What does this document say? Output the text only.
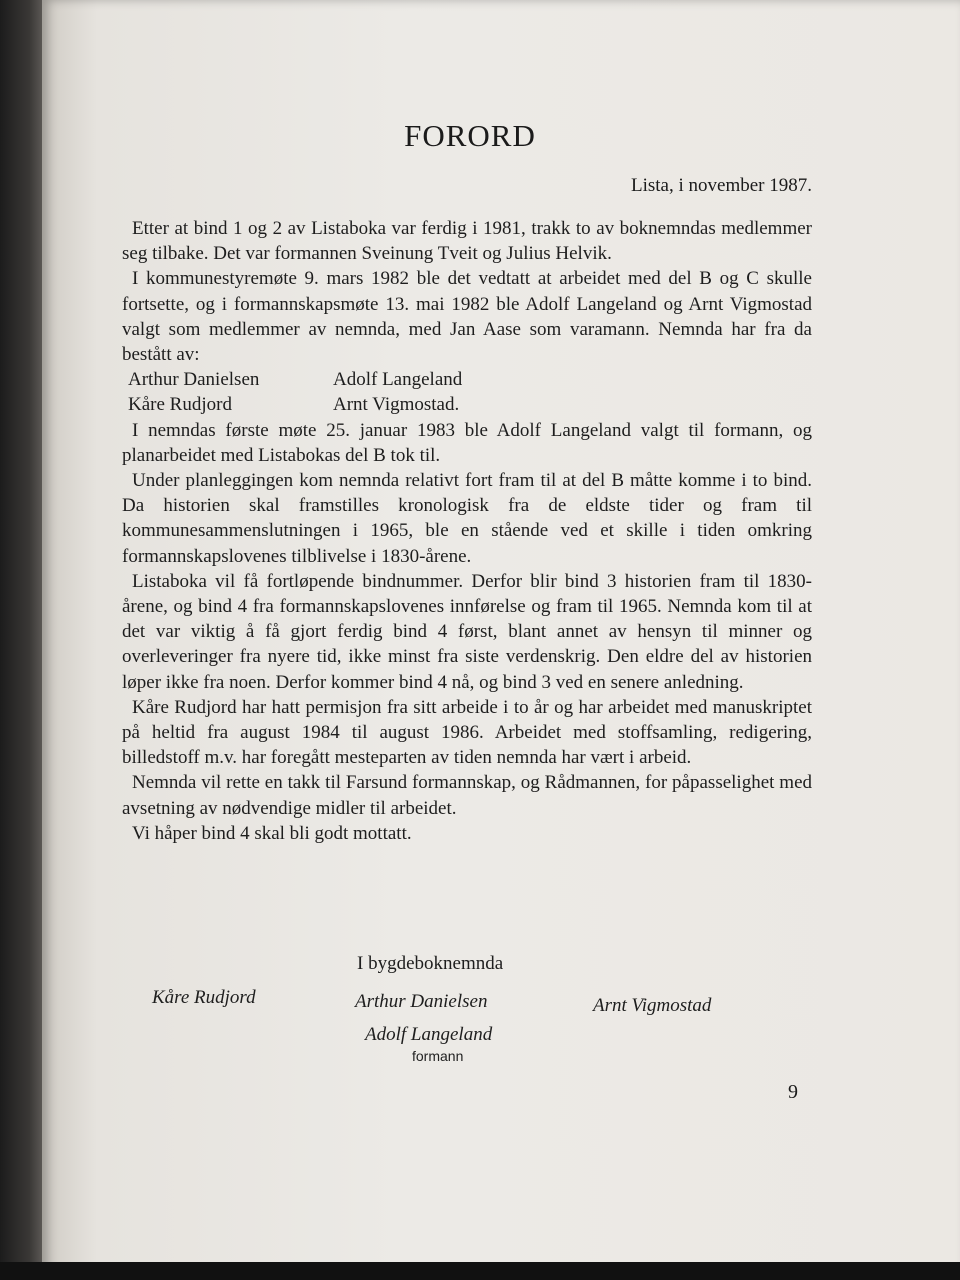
FORORD
Lista, i november 1987.

Etter at bind 1 og 2 av Listaboka var ferdig i 1981, trakk to av boknemndas medlemmer seg tilbake. Det var formannen Sveinung Tveit og Julius Helvik.

I kommunestyremøte 9. mars 1982 ble det vedtatt at arbeidet med del B og C skulle fortsette, og i formannskapsmøte 13. mai 1982 ble Adolf Langeland og Arnt Vigmostad valgt som medlemmer av nemnda, med Jan Aase som varamann. Nemnda har fra da bestått av:

Arthur Danielsen	Adolf Langeland
Kåre Rudjord	Arnt Vigmostad.

I nemndas første møte 25. januar 1983 ble Adolf Langeland valgt til formann, og planarbeidet med Listabokas del B tok til.

Under planleggingen kom nemnda relativt fort fram til at del B måtte komme i to bind. Da historien skal framstilles kronologisk fra de eldste tider og fram til kommunesammenslutningen i 1965, ble en stående ved et skille i tiden omkring formannskapslovenes tilblivelse i 1830-årene.

Listaboka vil få fortløpende bindnummer. Derfor blir bind 3 historien fram til 1830-årene, og bind 4 fra formannskapslovenes innførelse og fram til 1965. Nemnda kom til at det var viktig å få gjort ferdig bind 4 først, blant annet av hensyn til minner og overleveringer fra nyere tid, ikke minst fra siste verdenskrig. Den eldre del av historien løper ikke fra noen. Derfor kommer bind 4 nå, og bind 3 ved en senere anledning.

Kåre Rudjord har hatt permisjon fra sitt arbeide i to år og har arbeidet med manuskriptet på heltid fra august 1984 til august 1986. Arbeidet med stoffsamling, redigering, billedstoff m.v. har foregått mesteparten av tiden nemnda har vært i arbeid.

Nemnda vil rette en takk til Farsund formannskap, og Rådmannen, for påpasselighet med avsetning av nødvendige midler til arbeidet.

Vi håper bind 4 skal bli godt mottatt.

I bygdeboknemnda
Kåre Rudjord	Arthur Danielsen	Arnt Vigmostad
Adolf Langeland
formann
9
